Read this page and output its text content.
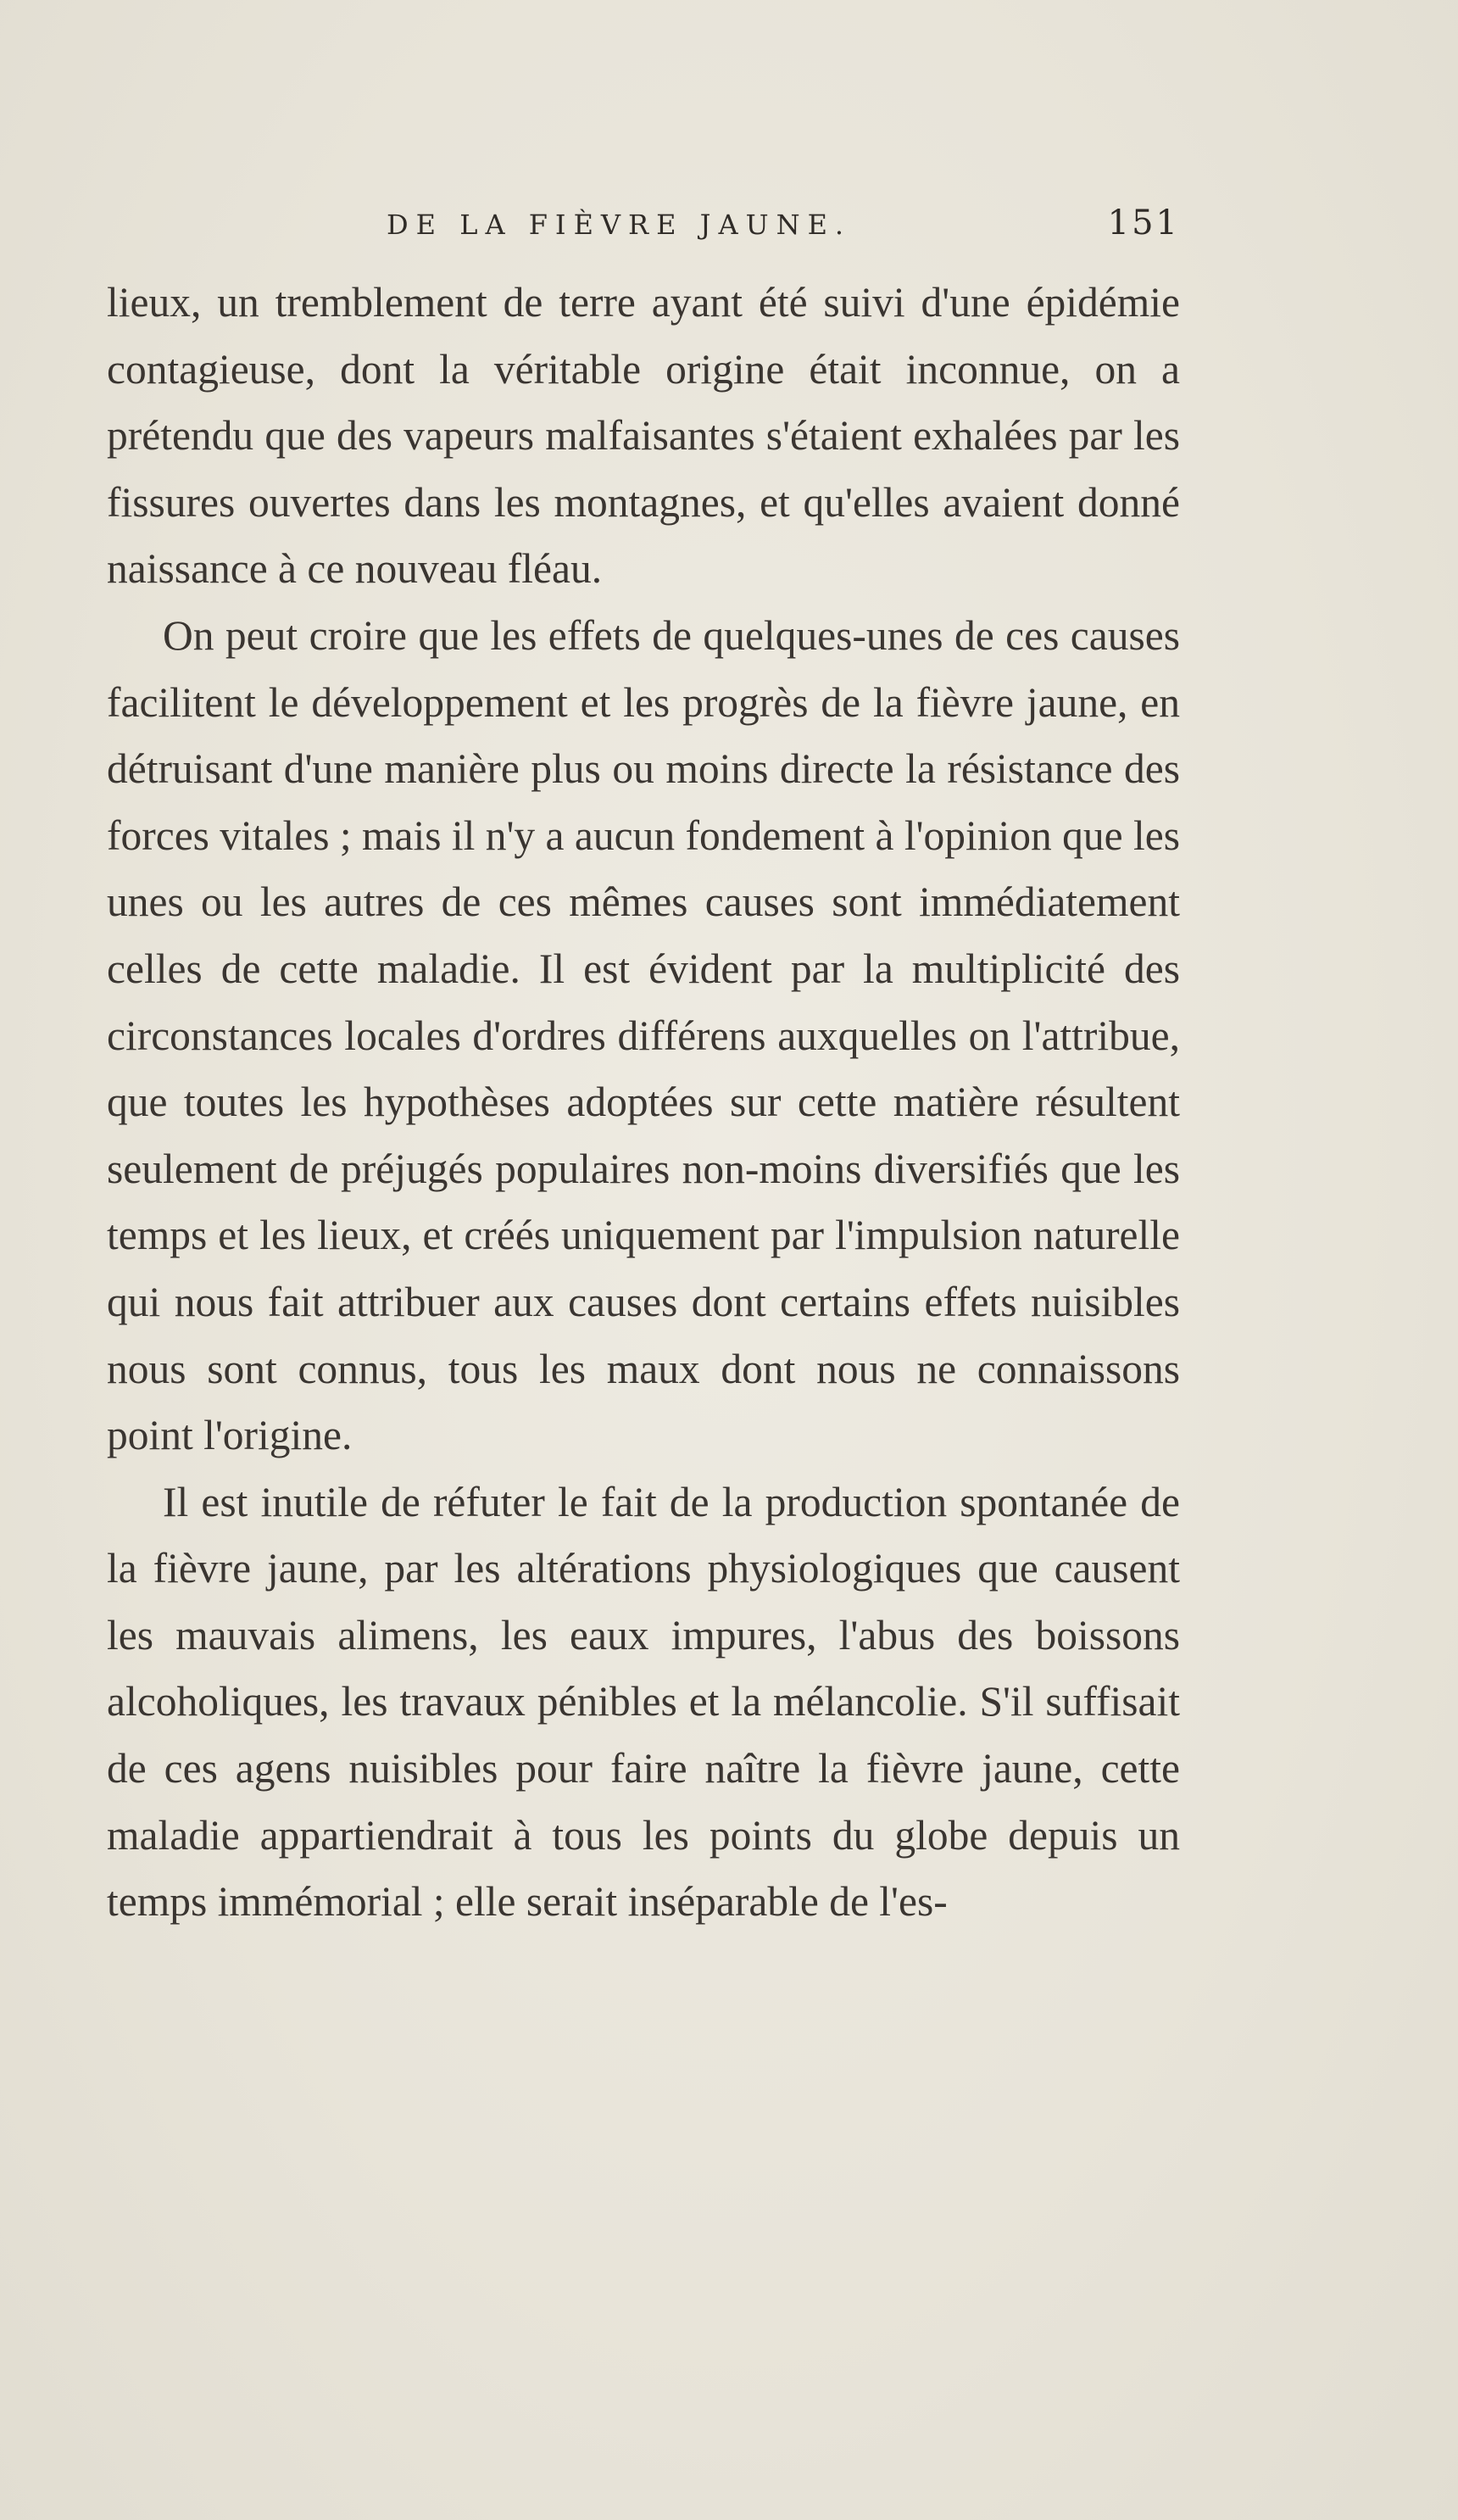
DE LA FIÈVRE JAUNE.	151

lieux, un tremblement de terre ayant été suivi d'une épidémie contagieuse, dont la véritable origine était inconnue, on a prétendu que des vapeurs malfaisantes s'étaient exhalées par les fissures ouvertes dans les montagnes, et qu'elles avaient donné naissance à ce nouveau fléau.

On peut croire que les effets de quelques-unes de ces causes facilitent le développement et les progrès de la fièvre jaune, en détruisant d'une manière plus ou moins directe la résistance des forces vitales ; mais il n'y a aucun fondement à l'opinion que les unes ou les autres de ces mêmes causes sont immédiatement celles de cette maladie. Il est évident par la multiplicité des circonstances locales d'ordres différens auxquelles on l'attribue, que toutes les hypothèses adoptées sur cette matière résultent seulement de préjugés populaires non-moins diversifiés que les temps et les lieux, et créés uniquement par l'impulsion naturelle qui nous fait attribuer aux causes dont certains effets nuisibles nous sont connus, tous les maux dont nous ne connaissons point l'origine.

Il est inutile de réfuter le fait de la production spontanée de la fièvre jaune, par les altérations physiologiques que causent les mauvais alimens, les eaux impures, l'abus des boissons alcoholiques, les travaux pénibles et la mélancolie. S'il suffisait de ces agens nuisibles pour faire naître la fièvre jaune, cette maladie appartiendrait à tous les points du globe depuis un temps immémorial ; elle serait inséparable de l'es-
